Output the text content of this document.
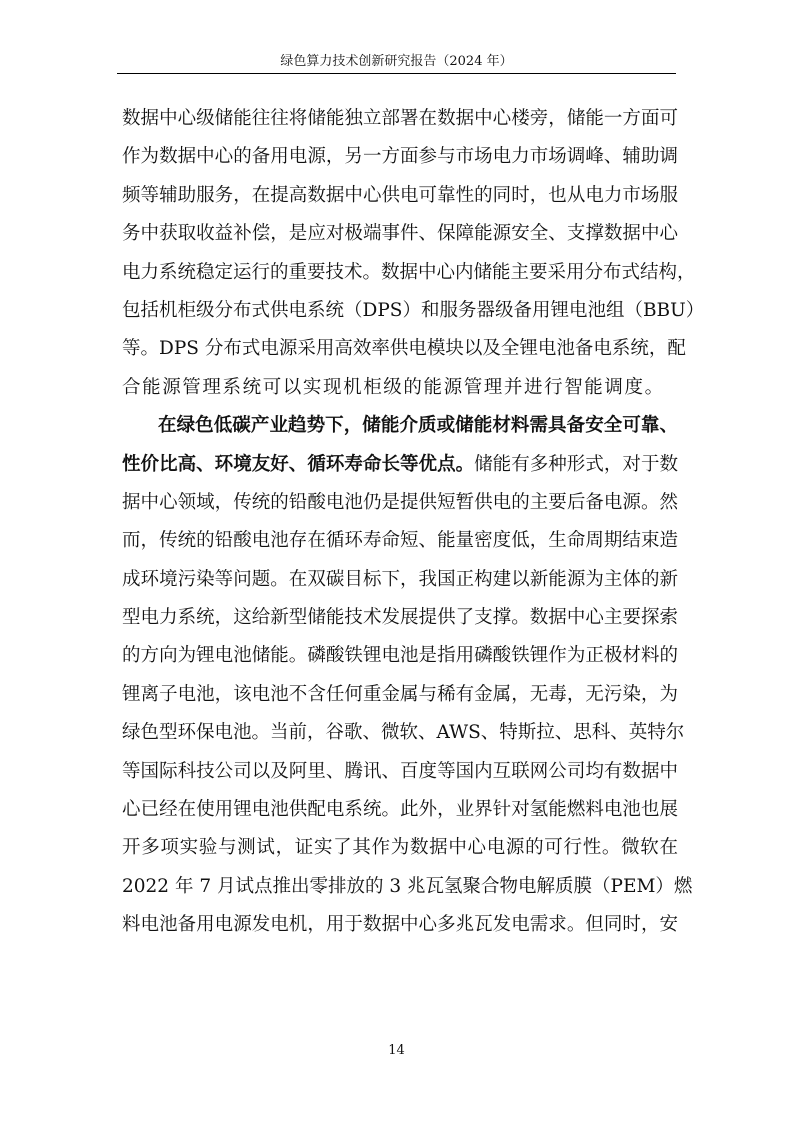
绿色算力技术创新研究报告（2024 年）
数据中心级储能往往将储能独立部署在数据中心楼旁，储能一方面可
作为数据中心的备用电源，另一方面参与市场电力市场调峰、辅助调
频等辅助服务，在提高数据中心供电可靠性的同时，也从电力市场服
务中获取收益补偿，是应对极端事件、保障能源安全、支撑数据中心
电力系统稳定运行的重要技术。数据中心内储能主要采用分布式结构，
包括机柜级分布式供电系统（DPS）和服务器级备用锂电池组（BBU）
等。DPS 分布式电源采用高效率供电模块以及全锂电池备电系统，配
合能源管理系统可以实现机柜级的能源管理并进行智能调度。
在绿色低碳产业趋势下，储能介质或储能材料需具备安全可靠、
性价比高、环境友好、循环寿命长等优点。储能有多种形式，对于数
据中心领域，传统的铅酸电池仍是提供短暂供电的主要后备电源。然
而，传统的铅酸电池存在循环寿命短、能量密度低，生命周期结束造
成环境污染等问题。在双碳目标下，我国正构建以新能源为主体的新
型电力系统，这给新型储能技术发展提供了支撑。数据中心主要探索
的方向为锂电池储能。磷酸铁锂电池是指用磷酸铁锂作为正极材料的
锂离子电池，该电池不含任何重金属与稀有金属，无毒，无污染，为
绿色型环保电池。当前，谷歌、微软、AWS、特斯拉、思科、英特尔
等国际科技公司以及阿里、腾讯、百度等国内互联网公司均有数据中
心已经在使用锂电池供配电系统。此外，业界针对氢能燃料电池也展
开多项实验与测试，证实了其作为数据中心电源的可行性。微软在
2022 年 7 月试点推出零排放的 3 兆瓦氢聚合物电解质膜（PEM）燃
料电池备用电源发电机，用于数据中心多兆瓦发电需求。但同时，安
14
